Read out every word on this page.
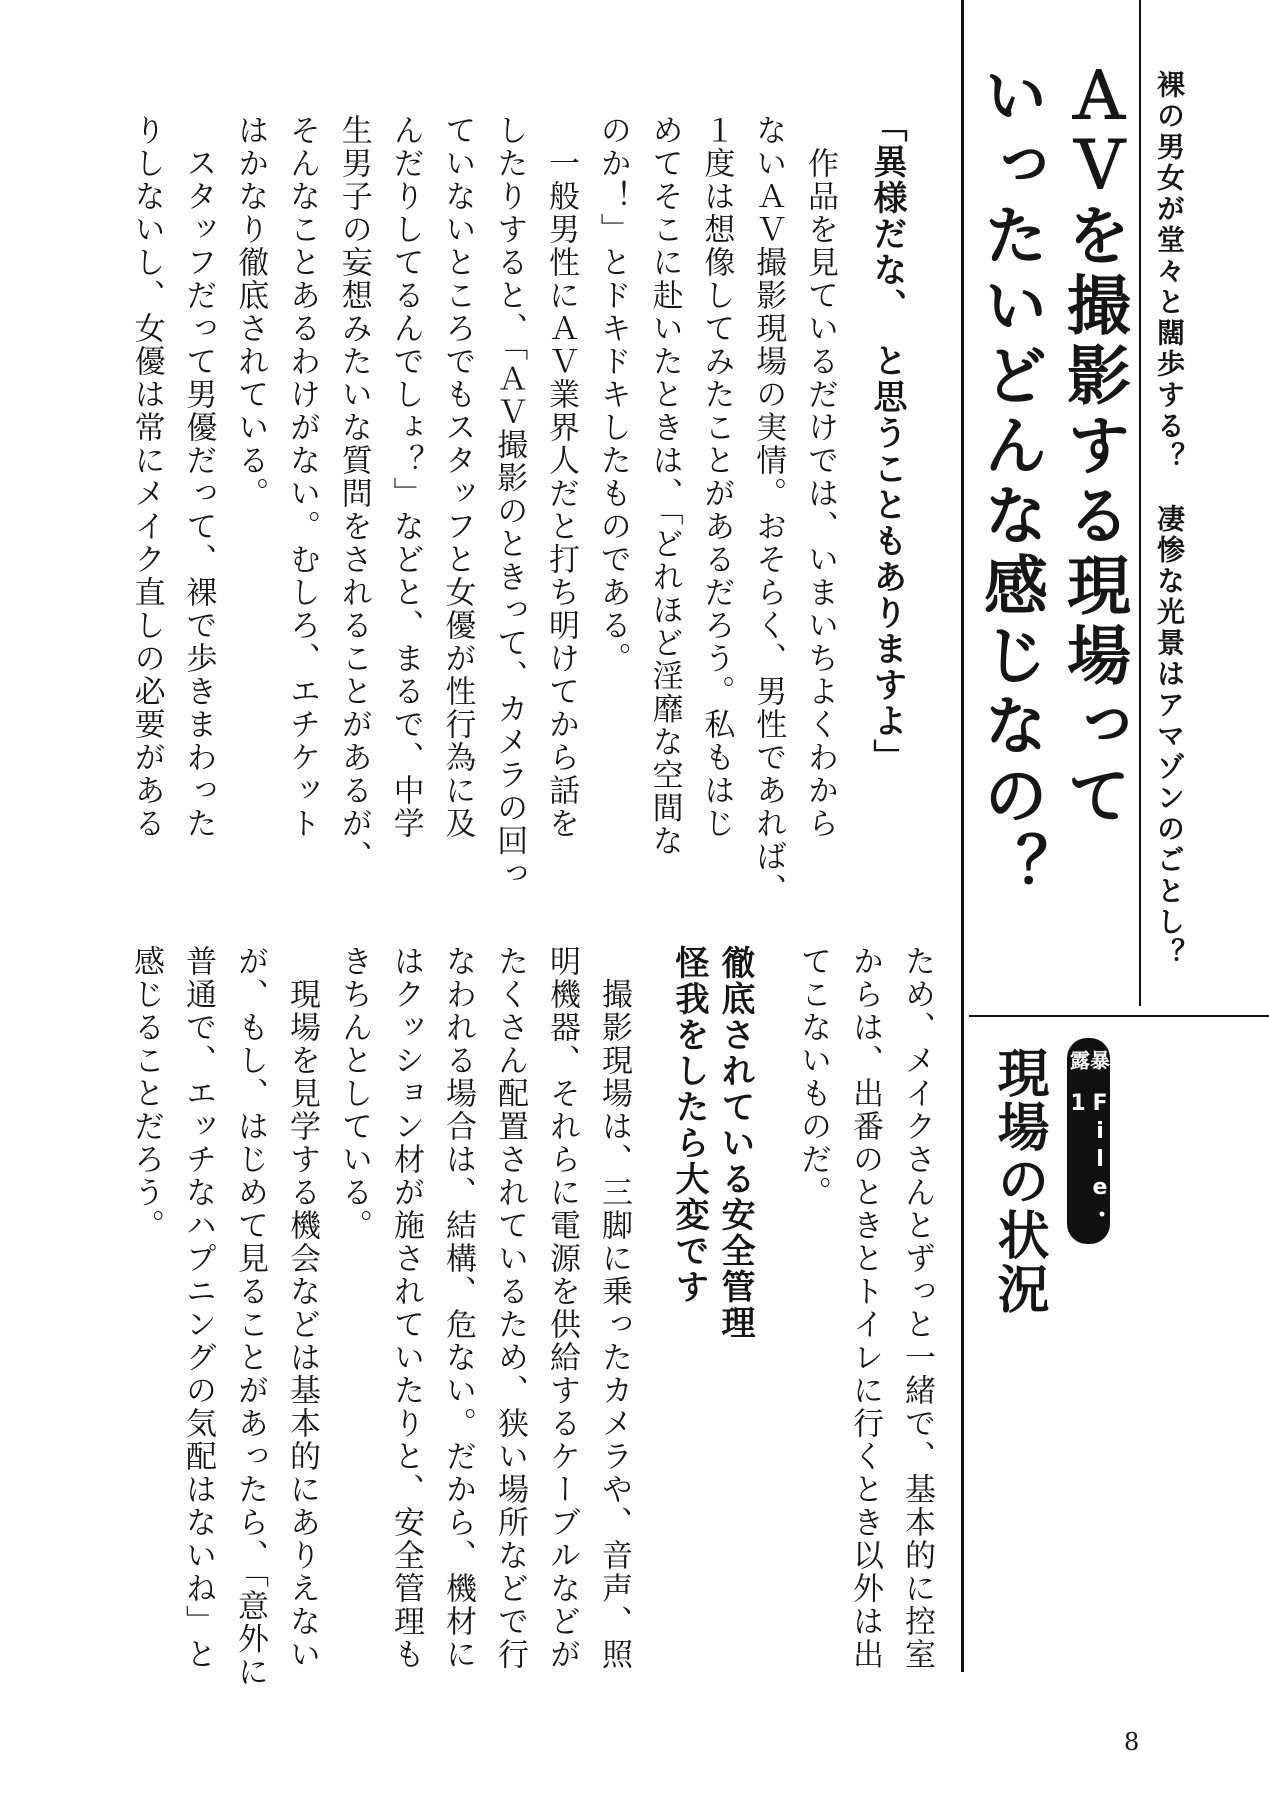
裸の男女が堂々と闊歩する？　凄惨な光景はアマゾンのごとし？
ＡＶを撮影する現場って
いったいどんな感じなの？
暴露
File・1
現場の状況
「異様だな、　と思うこともありますよ」
　作品を見ているだけでは、いまいちよくわから
ないＡＶ撮影現場の実情。おそらく、男性であれば、
１度は想像してみたことがあるだろう。私もはじ
めてそこに赴いたときは、「どれほど淫靡な空間な
のか！」とドキドキしたものである。
　一般男性にＡＶ業界人だと打ち明けてから話を
したりすると、「ＡＶ撮影のときって、カメラの回っ
ていないところでもスタッフと女優が性行為に及
んだりしてるんでしょ？」などと、まるで、中学
生男子の妄想みたいな質問をされることがあるが、
そんなことあるわけがない。むしろ、エチケット
はかなり徹底されている。
　スタッフだって男優だって、裸で歩きまわった
りしないし、女優は常にメイク直しの必要がある
ため、メイクさんとずっと一緒で、基本的に控室
からは、出番のときとトイレに行くとき以外は出
てこないものだ。
徹底されている安全管理
怪我をしたら大変です
　撮影現場は、三脚に乗ったカメラや、音声、照
明機器、それらに電源を供給するケーブルなどが
たくさん配置されているため、狭い場所などで行
なわれる場合は、結構、危ない。だから、機材に
はクッション材が施されていたりと、安全管理も
きちんとしている。
　現場を見学する機会などは基本的にありえない
が、もし、はじめて見ることがあったら、「意外に
普通で、エッチなハプニングの気配はないね」と
感じることだろう。
8
